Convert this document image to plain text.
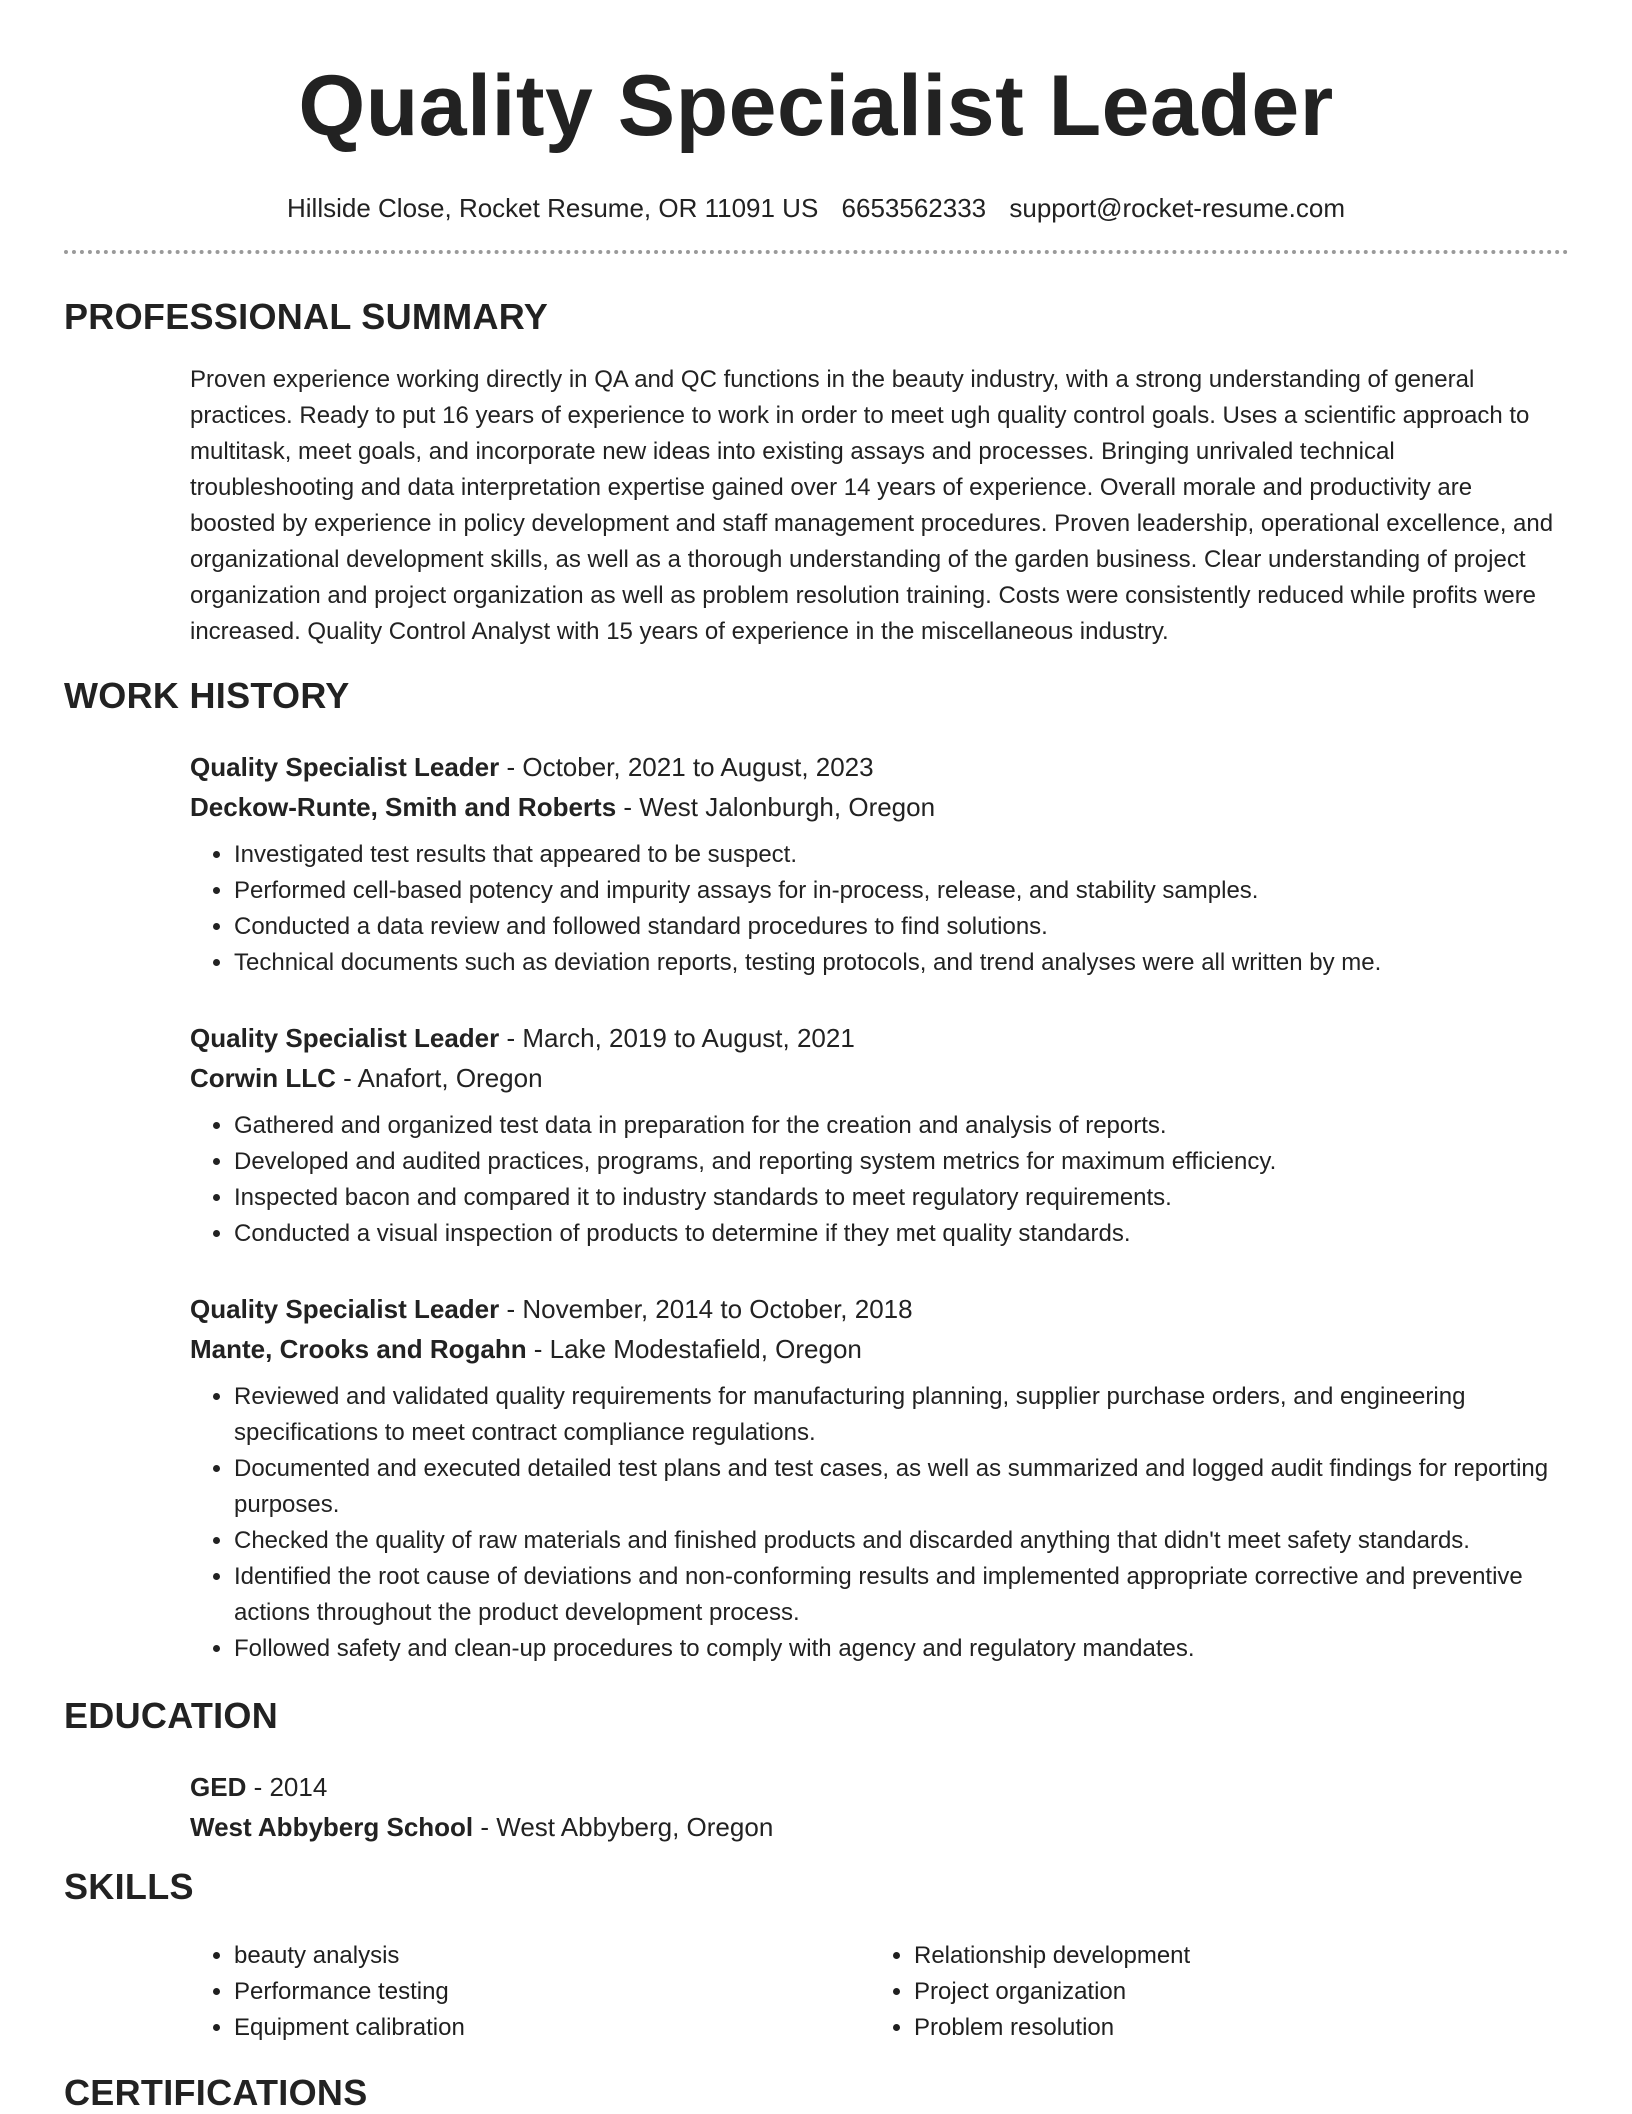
Quality Specialist Leader
Hillside Close, Rocket Resume, OR 11091 US 6653562333 support@rocket-resume.com
PROFESSIONAL SUMMARY

Proven experience working directly in QA and QC functions in the beauty industry, with a strong understanding of general practices. Ready to put 16 years of experience to work in order to meet ugh quality control goals. Uses a scientific approach to multitask, meet goals, and incorporate new ideas into existing assays and processes. Bringing unrivaled technical troubleshooting and data interpretation expertise gained over 14 years of experience. Overall morale and productivity are boosted by experience in policy development and staff management procedures. Proven leadership, operational excellence, and organizational development skills, as well as a thorough understanding of the garden business. Clear understanding of project organization and project organization as well as problem resolution training. Costs were consistently reduced while profits were increased. Quality Control Analyst with 15 years of experience in the miscellaneous industry.

WORK HISTORY

Quality Specialist Leader - October, 2021 to August, 2023

Deckow-Runte, Smith and Roberts - West Jalonburgh, Oregon

• Investigated test results that appeared to be suspect.
• Performed cell-based potency and impurity assays for in-process, release, and stability samples.
• Conducted a data review and followed standard procedures to find solutions.
• Technical documents such as deviation reports, testing protocols, and trend analyses were all written by me.

Quality Specialist Leader - March, 2019 to August, 2021

Corwin LLC - Anafort, Oregon

• Gathered and organized test data in preparation for the creation and analysis of reports.
• Developed and audited practices, programs, and reporting system metrics for maximum efficiency.
• Inspected bacon and compared it to industry standards to meet regulatory requirements.
• Conducted a visual inspection of products to determine if they met quality standards.

Quality Specialist Leader - November, 2014 to October, 2018

Mante, Crooks and Rogahn - Lake Modestafield, Oregon

• Reviewed and validated quality requirements for manufacturing planning, supplier purchase orders, and engineering specifications to meet contract compliance regulations.
• Documented and executed detailed test plans and test cases, as well as summarized and logged audit findings for reporting purposes.
• Checked the quality of raw materials and finished products and discarded anything that didn't meet safety standards.
• Identified the root cause of deviations and non-conforming results and implemented appropriate corrective and preventive actions throughout the product development process.
• Followed safety and clean-up procedures to comply with agency and regulatory mandates.
EDUCATION

GED - 2014

West Abbyberg School - West Abbyberg, Oregon

SKILLS
• beauty analysis
• Performance testing
• Equipment calibration
• Relationship development
• Project organization
• Problem resolution
CERTIFICATIONS
